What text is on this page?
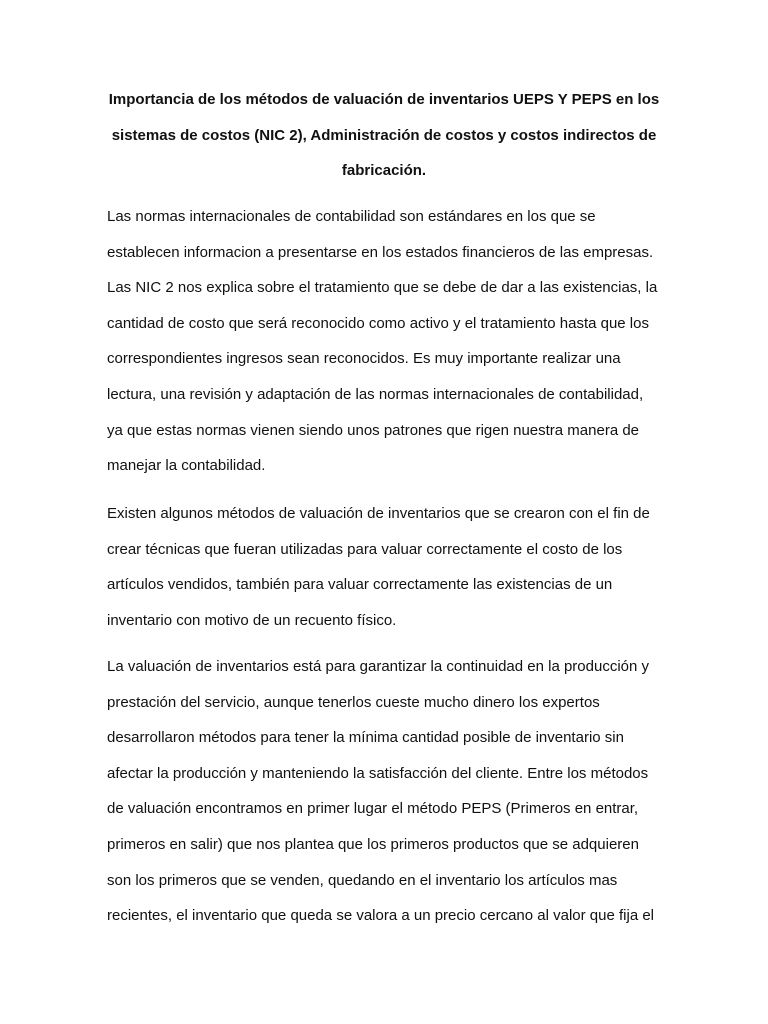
Importancia de los métodos de valuación de inventarios UEPS Y PEPS en los
sistemas de costos (NIC 2), Administración de costos y costos indirectos de
fabricación.

Las normas internacionales de contabilidad son estándares en los que se
establecen informacion a presentarse en los estados financieros de las empresas.
Las NIC 2 nos explica sobre el tratamiento que se debe de dar a las existencias, la
cantidad de costo que será reconocido como activo y el tratamiento hasta que los
correspondientes ingresos sean reconocidos. Es muy importante realizar una
lectura, una revisión y adaptación de las normas internacionales de contabilidad,
ya que estas normas vienen siendo unos patrones que rigen nuestra manera de
manejar la contabilidad.

Existen algunos métodos de valuación de inventarios que se crearon con el fin de
crear técnicas que fueran utilizadas para valuar correctamente el costo de los
artículos vendidos, también para valuar correctamente las existencias de un
inventario con motivo de un recuento físico.

La valuación de inventarios está para garantizar la continuidad en la producción y
prestación del servicio, aunque tenerlos cueste mucho dinero los expertos
desarrollaron métodos para tener la mínima cantidad posible de inventario sin
afectar la producción y manteniendo la satisfacción del cliente. Entre los métodos
de valuación encontramos en primer lugar el método PEPS (Primeros en entrar,
primeros en salir) que nos plantea que los primeros productos que se adquieren
son los primeros que se venden, quedando en el inventario los artículos mas
recientes, el inventario que queda se valora a un precio cercano al valor que fija el
